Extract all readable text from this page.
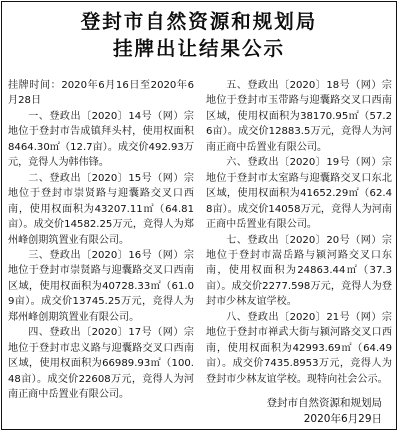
登封市自然资源和规划局
挂牌出让结果公示

挂牌时间：2020年6月16日至2020年6月28日

一、登政出〔2020〕14号（网）宗地位于登封市告成镇拜头村，使用权面积8464.30㎡（12.7亩）。成交价492.93万元，竞得人为韩伟锋。

二、登政出〔2020〕15号（网）宗地位于登封市崇贤路与迎囊路交叉口西南，使用权面积为43207.11㎡（64.81亩）。成交价14582.25万元，竞得人为郑州峰创期筑置业有限公司。

三、登政出〔2020〕16号（网）宗地位于登封市崇贤路与迎囊路交叉口西南区域，使用权面积为40728.33㎡（61.09亩）。成交价13745.25万元，竞得人为郑州峰创期筑置业有限公司。

四、登政出〔2020〕17号（网）宗地位于登封市忠义路与迎囊路交叉口西南区域，使用权面积为66989.93㎡（100.48亩）。成交价22608万元，竞得人为河南正商中岳置业有限公司。

五、登政出〔2020〕18号（网）宗地位于登封市玉带路与迎囊路交叉口西南区域，使用权面积为38170.95㎡（57.26亩）。成交价12883.5万元，竞得人为河南正商中岳置业有限公司。

六、登政出〔2020〕19号（网）宗地位于登封市太室路与迎囊路交叉口东北区域，使用权面积为41652.29㎡（62.48亩）。成交价14058万元，竞得人为河南正商中岳置业有限公司。

七、登政出〔2020〕20号（网）宗地位于登封市嵩岳路与颍河路交叉口东南，使用权面积为24863.44㎡（37.3亩）。成交价2277.598万元，竞得人为登封市少林友谊学校。

八、登政出〔2020〕21号（网）宗地位于登封市禅武大街与颍河路交叉口西南，使用权面积为42993.69㎡（64.49亩）。成交价7435.8953万元，竞得人为登封市少林友谊学校。现特向社会公示。

登封市自然资源和规划局
2020年6月29日
